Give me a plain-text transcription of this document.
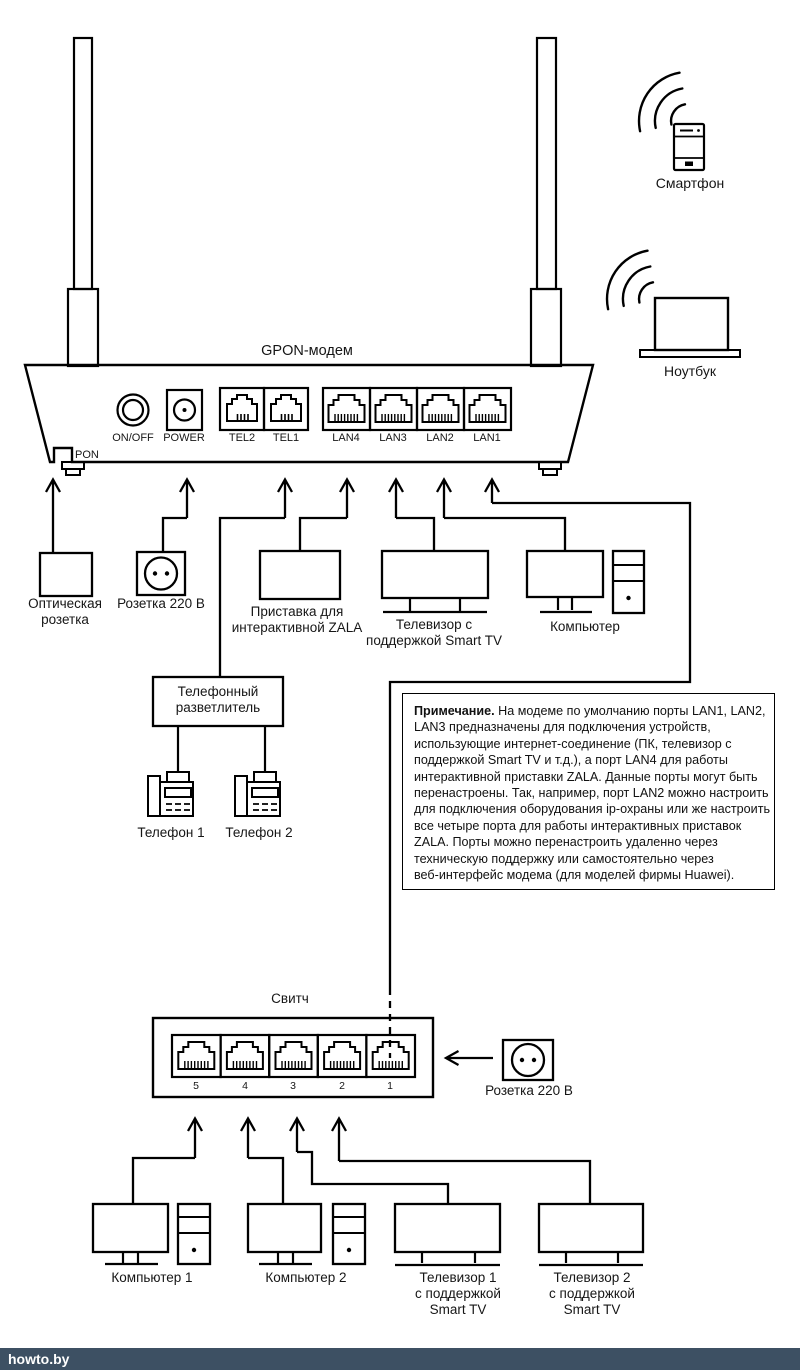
GPON-модем
PON
ON/OFF POWER TEL2 TEL1	LAN4 LAN3 LAN2 LAN1
Смартфон
Ноутбук
Оптическая
розетка
Розетка 220 В
Приставка для
интерактивной ZALA	Телевизор с
поддержкой Smart TV
Компьютер
Телефонный
разветлитель
Телефон 1 Телефон 2
Примечание. На модеме по умолчанию порты LAN1, LAN2,
LAN3 предназначены для подключения устройств,
использующие интернет-соединение (ПК, телевизор с
поддержкой Smart TV и т.д.), а порт LAN4 для работы
интерактивной приставки ZALA. Данные порты могут быть
перенастроены. Так, например, порт LAN2 можно настроить
для подключения оборудования ip-охраны или же настроить
все четыре порта для работы интерактивных приставок
ZALA. Порты можно перенастроить удаленно через
техническую поддержку или самостоятельно через
веб-интерфейс модема (для моделей фирмы Huawei).
Свитч
5	4	3	2	1	Розетка 220 В
Компьютер 1	Компьютер 2	Телевизор 1
с поддержкой
Smart TV
Телевизор 2
с поддержкой
Smart TV
howto.by
